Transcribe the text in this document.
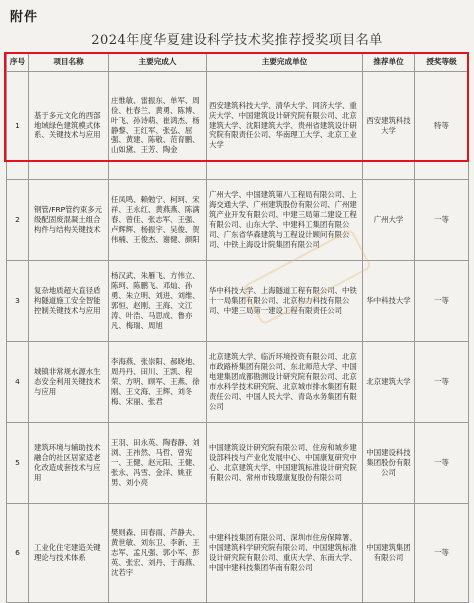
附件
2024年度华夏建设科学技术奖推荐授奖项目名单
序号	项目名称	主要完成人	主要完成单位	推荐单位	授奖等级
1	基于多元文化的西部地域绿色建筑模式体系、关键技术与应用	庄惟敏、雷振东、单军、周俭、杜春兰、黄勇、陈博、叶飞、孙诗萌、崔鸿杰、杨静黎、王红军、张弘、屈强、黄建、陈敬、范育鹏、山如黛、王芳、陶金	西安建筑科技大学、清华大学、同济大学、重庆大学、中国建筑设计研究院有限公司、北京建筑大学、沈阳建筑大学、贵州省建筑设计研究院有限责任公司、华南理工大学、北京工业大学	西安建筑科技大学	特等
2	钢管/FRP管约束多元级配固废混凝土组合构件与结构关键技术	任凤鸣、赖勉宁、柯珂、宋祥、王永红、黄燕燕、陈满春、曾佳、张志军、王强、卢辉辉、杨振宇、吴俊、贺伟楠、王俊杰、谢健、颜阳	广州大学、中国建筑第八工程局有限公司、上海交通大学、广州建筑股份有限公司、广州建筑产业开发有限公司、中建三局第二建设工程有限公司、山东大学、中建科工集团有限公司、广东省华森建筑与工程设计顾问有限公司、中铁上海设计院集团有限公司	广州大学	一等
3	复杂地质超大直径盾构隧道施工安全智能控制关键技术与应用	杨汉武、朱雁飞、方伟立、陈珂、陈鹏飞、邓灿、孙勇、朱立明、刘进、刘维、郭恒、赵刚、王海、文江涛、叶浩、马思成、鲁亦凡、梅瑞、周旭	华中科技大学、上海隧道工程有限公司、中铁十一局集团有限公司、北京构力科技有限公司、中建三局第一建设工程有限责任公司	华中科技大学	一等
4	城镇非常规水源水生态安全利用关键技术与应用	李海燕、张崇阳、郝晓地、周丹丹、田川、王凯、程荣、方明、顾军、王燕、徐刚、王文海、王辉、刘冬梅、宋丽、张君	北京建筑大学、临沂环境投资有限公司、北京市政路桥集团有限公司、东北师范大学、中国电建集团成都勘测设计研究院有限公司、北京市水科学技术研究院、北京城市排水集团有限责任公司、中国人民大学、青岛水务集团有限公司	北京建筑大学	一等
5	建筑环境与辅助技术融合的社区居家适老化改造成套技术与应用	王羽、田永英、陶春静、刘浏、王祎然、马哲、曾宪一、王健、赵元阳、王健、张永、冯雪、金洋、姚亚男、刘小亮	中国建筑设计研究院有限公司、住房和城乡建设部科技与产业化发展中心、中国康复研究中心、北京建筑大学、中国建筑标准设计研究院有限公司、常州市钱璟康复股份有限公司	中国建设科技集团股份有限公司	一等
6	工业化住宅建造关键理论与技术体系	樊则森、田春雨、芦静夫、黄世敏、刘东卫、李新、王志军、孟凡强、郭小军、彭英、张宏、刘丹、于海燕、沈若宇	中建科技集团有限公司、深圳市住房保障署、中国建筑科学研究院有限公司、中国建筑标准设计研究院有限公司、重庆大学、东南大学、中国中建科技集团华南有限公司	中国建筑集团有限公司	一等
